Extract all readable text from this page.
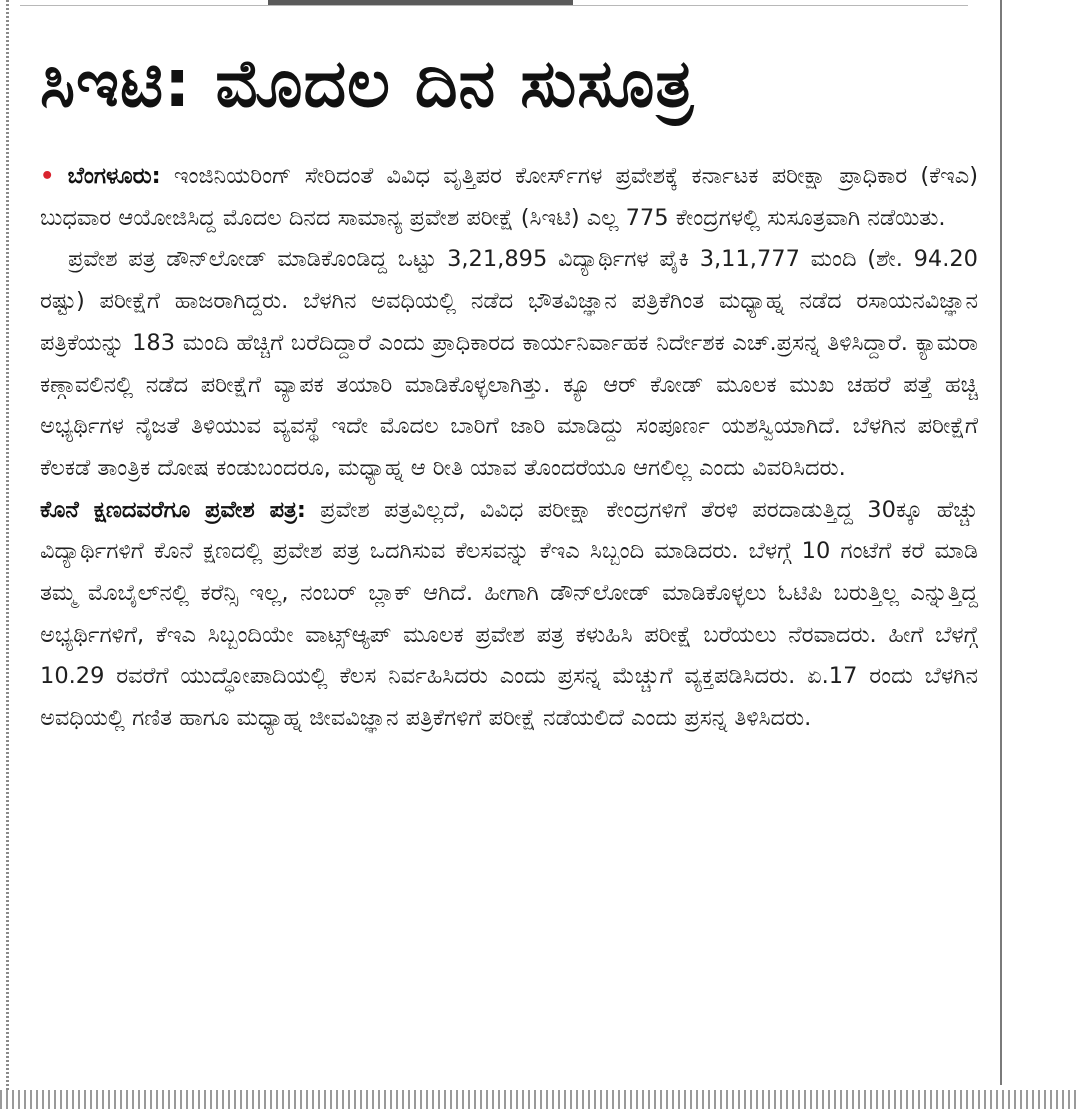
ಸಿಇಟಿ: ಮೊದಲ ದಿನ ಸುಸೂತ್ರ

• ಬೆಂಗಳೂರು: ಇಂಜಿನಿಯರಿಂಗ್ ಸೇರಿದಂತೆ ವಿವಿಧ ವೃತ್ತಿಪರ ಕೋರ್ಸ್‌ಗಳ ಪ್ರವೇಶಕ್ಕೆ ಕರ್ನಾಟಕ ಪರೀಕ್ಷಾ ಪ್ರಾಧಿಕಾರ (ಕೆಇಎ) ಬುಧವಾರ ಆಯೋಜಿಸಿದ್ದ ಮೊದಲ ದಿನದ ಸಾಮಾನ್ಯ ಪ್ರವೇಶ ಪರೀಕ್ಷೆ (ಸಿಇಟಿ) ಎಲ್ಲ 775 ಕೇಂದ್ರಗಳಲ್ಲಿ ಸುಸೂತ್ರವಾಗಿ ನಡೆಯಿತು.

ಪ್ರವೇಶ ಪತ್ರ ಡೌನ್‌ಲೋಡ್ ಮಾಡಿಕೊಂಡಿದ್ದ ಒಟ್ಟು 3,21,895 ವಿದ್ಯಾರ್ಥಿಗಳ ಪೈಕಿ 3,11,777 ಮಂದಿ (ಶೇ. 94.20 ರಷ್ಟು) ಪರೀಕ್ಷೆಗೆ ಹಾಜರಾಗಿದ್ದರು. ಬೆಳಗಿನ ಅವಧಿಯಲ್ಲಿ ನಡೆದ ಭೌತವಿಜ್ಞಾನ ಪತ್ರಿಕೆಗಿಂತ ಮಧ್ಯಾಹ್ನ ನಡೆದ ರಸಾಯನವಿಜ್ಞಾನ ಪತ್ರಿಕೆಯನ್ನು 183 ಮಂದಿ ಹೆಚ್ಚಿಗೆ ಬರೆದಿದ್ದಾರೆ ಎಂದು ಪ್ರಾಧಿಕಾರದ ಕಾರ್ಯನಿರ್ವಾಹಕ ನಿರ್ದೇಶಕ ಎಚ್.ಪ್ರಸನ್ನ ತಿಳಿಸಿದ್ದಾರೆ. ಕ್ಯಾಮರಾ ಕಣ್ಗಾವಲಿನಲ್ಲಿ ನಡೆದ ಪರೀಕ್ಷೆಗೆ ವ್ಯಾಪಕ ತಯಾರಿ ಮಾಡಿಕೊಳ್ಳಲಾಗಿತ್ತು. ಕ್ಯೂ ಆರ್ ಕೋಡ್ ಮೂಲಕ ಮುಖ ಚಹರೆ ಪತ್ತೆ ಹಚ್ಚಿ ಅಭ್ಯರ್ಥಿಗಳ ನೈಜತೆ ತಿಳಿಯುವ ವ್ಯವಸ್ಥೆ ಇದೇ ಮೊದಲ ಬಾರಿಗೆ ಜಾರಿ ಮಾಡಿದ್ದು ಸಂಪೂರ್ಣ ಯಶಸ್ವಿಯಾಗಿದೆ. ಬೆಳಗಿನ ಪರೀಕ್ಷೆಗೆ ಕೆಲಕಡೆ ತಾಂತ್ರಿಕ ದೋಷ ಕಂಡುಬಂದರೂ, ಮಧ್ಯಾಹ್ನ ಆ ರೀತಿ ಯಾವ ತೊಂದರೆಯೂ ಆಗಲಿಲ್ಲ ಎಂದು ವಿವರಿಸಿದರು.

ಕೊನೆ ಕ್ಷಣದವರೆಗೂ ಪ್ರವೇಶ ಪತ್ರ: ಪ್ರವೇಶ ಪತ್ರವಿಲ್ಲದೆ, ವಿವಿಧ ಪರೀಕ್ಷಾ ಕೇಂದ್ರಗಳಿಗೆ ತೆರಳಿ ಪರದಾಡುತ್ತಿದ್ದ 30ಕ್ಕೂ ಹೆಚ್ಚು ವಿದ್ಯಾರ್ಥಿಗಳಿಗೆ ಕೊನೆ ಕ್ಷಣದಲ್ಲಿ ಪ್ರವೇಶ ಪತ್ರ ಒದಗಿಸುವ ಕೆಲಸವನ್ನು ಕೆಇಎ ಸಿಬ್ಬಂದಿ ಮಾಡಿದರು. ಬೆಳಗ್ಗೆ 10 ಗಂಟೆಗೆ ಕರೆ ಮಾಡಿ ತಮ್ಮ ಮೊಬೈಲ್‌ನಲ್ಲಿ ಕರೆನ್ಸಿ ಇಲ್ಲ, ನಂಬರ್ ಬ್ಲಾಕ್ ಆಗಿದೆ. ಹೀಗಾಗಿ ಡೌನ್‌ಲೋಡ್ ಮಾಡಿಕೊಳ್ಳಲು ಓಟಿಪಿ ಬರುತ್ತಿಲ್ಲ ಎನ್ನುತ್ತಿದ್ದ ಅಭ್ಯರ್ಥಿಗಳಿಗೆ, ಕೆಇಎ ಸಿಬ್ಬಂದಿಯೇ ವಾಟ್ಸ್ಆ್ಯಪ್ ಮೂಲಕ ಪ್ರವೇಶ ಪತ್ರ ಕಳುಹಿಸಿ ಪರೀಕ್ಷೆ ಬರೆಯಲು ನೆರವಾದರು. ಹೀಗೆ ಬೆಳಗ್ಗೆ 10.29 ರವರೆಗೆ ಯುದ್ಧೋಪಾದಿಯಲ್ಲಿ ಕೆಲಸ ನಿರ್ವಹಿಸಿದರು ಎಂದು ಪ್ರಸನ್ನ ಮೆಚ್ಚುಗೆ ವ್ಯಕ್ತಪಡಿಸಿದರು. ಏ.17 ರಂದು ಬೆಳಗಿನ ಅವಧಿಯಲ್ಲಿ ಗಣಿತ ಹಾಗೂ ಮಧ್ಯಾಹ್ನ ಜೀವವಿಜ್ಞಾನ ಪತ್ರಿಕೆಗಳಿಗೆ ಪರೀಕ್ಷೆ ನಡೆಯಲಿದೆ ಎಂದು ಪ್ರಸನ್ನ ತಿಳಿಸಿದರು.
